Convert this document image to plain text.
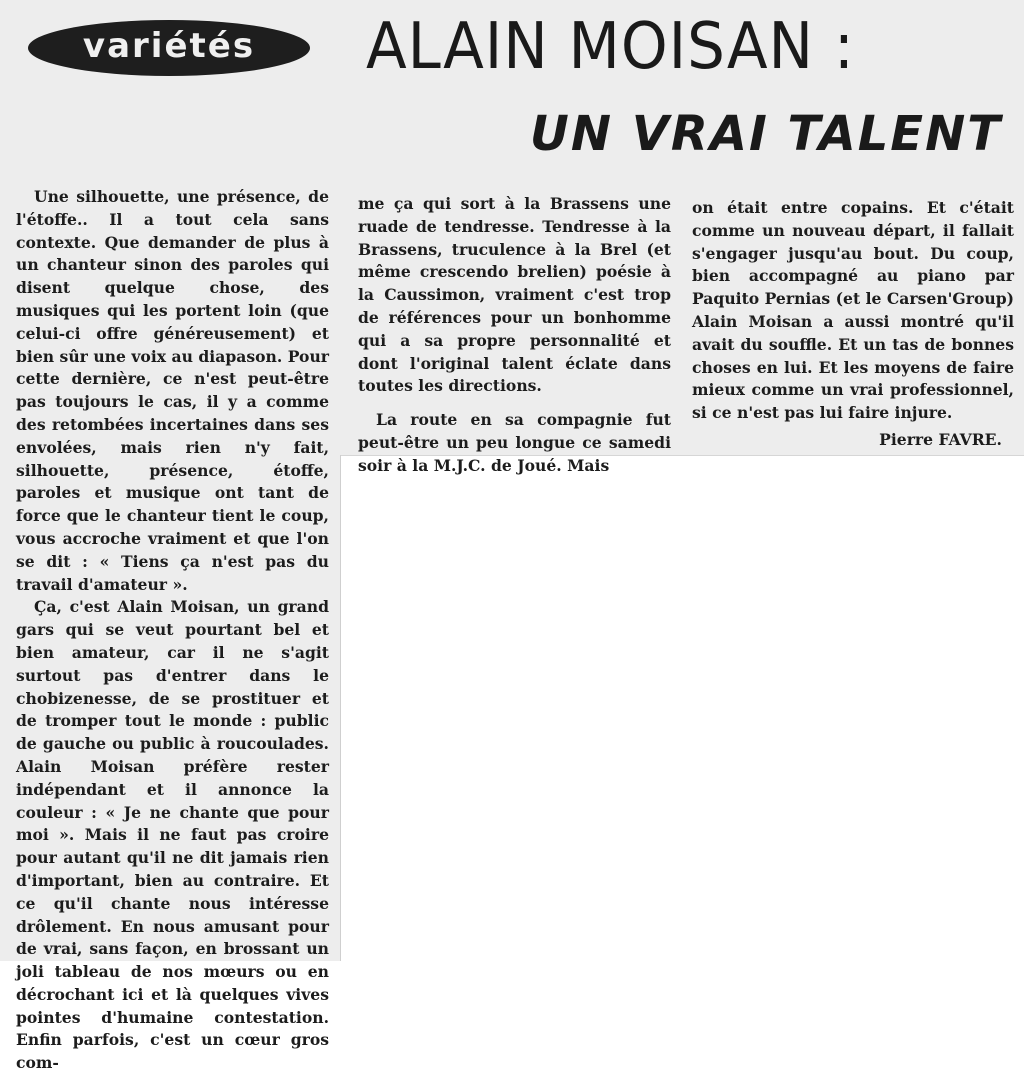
variétés ALAIN MOISAN :
UN VRAI TALENT

Une silhouette, une présence, de l'étoffe.. Il a tout cela sans contexte. Que demander de plus à un chanteur sinon des paroles qui disent quelque chose, des musiques qui les portent loin (que celui-ci offre généreusement) et bien sûr une voix au diapason. Pour cette dernière, ce n'est peut-être pas toujours le cas, il y a comme des retombées incertaines dans ses envolées, mais rien n'y fait, silhouette, présence, étoffe, paroles et musique ont tant de force que le chanteur tient le coup, vous accroche vraiment et que l'on se dit : « Tiens ça n'est pas du travail d'amateur ».

Ça, c'est Alain Moisan, un grand gars qui se veut pourtant bel et bien amateur, car il ne s'agit surtout pas d'entrer dans le chobizenesse, de se prostituer et de tromper tout le monde : public de gauche ou public à roucoulades. Alain Moisan préfère rester indépendant et il annonce la couleur : « Je ne chante que pour moi ». Mais il ne faut pas croire pour autant qu'il ne dit jamais rien d'important, bien au contraire. Et ce qu'il chante nous intéresse drôlement. En nous amusant pour de vrai, sans façon, en brossant un joli tableau de nos mœurs ou en décrochant ici et là quelques vives pointes d'humaine contestation. Enfin parfois, c'est un cœur gros com-

me ça qui sort à la Brassens une ruade de tendresse. Tendresse à la Brassens, truculence à la Brel (et même crescendo brelien) poésie à la Caussimon, vraiment c'est trop de références pour un bonhomme qui a sa propre personnalité et dont l'original talent éclate dans toutes les directions.

La route en sa compagnie fut peut-être un peu longue ce samedi soir à la M.J.C. de Joué. Mais

on était entre copains. Et c'était comme un nouveau départ, il fallait s'engager jusqu'au bout. Du coup, bien accompagné au piano par Paquito Pernias (et le Carsen'Group) Alain Moisan a aussi montré qu'il avait du souffle. Et un tas de bonnes choses en lui. Et les moyens de faire mieux comme un vrai professionnel, si ce n'est pas lui faire injure.

Pierre FAVRE.
